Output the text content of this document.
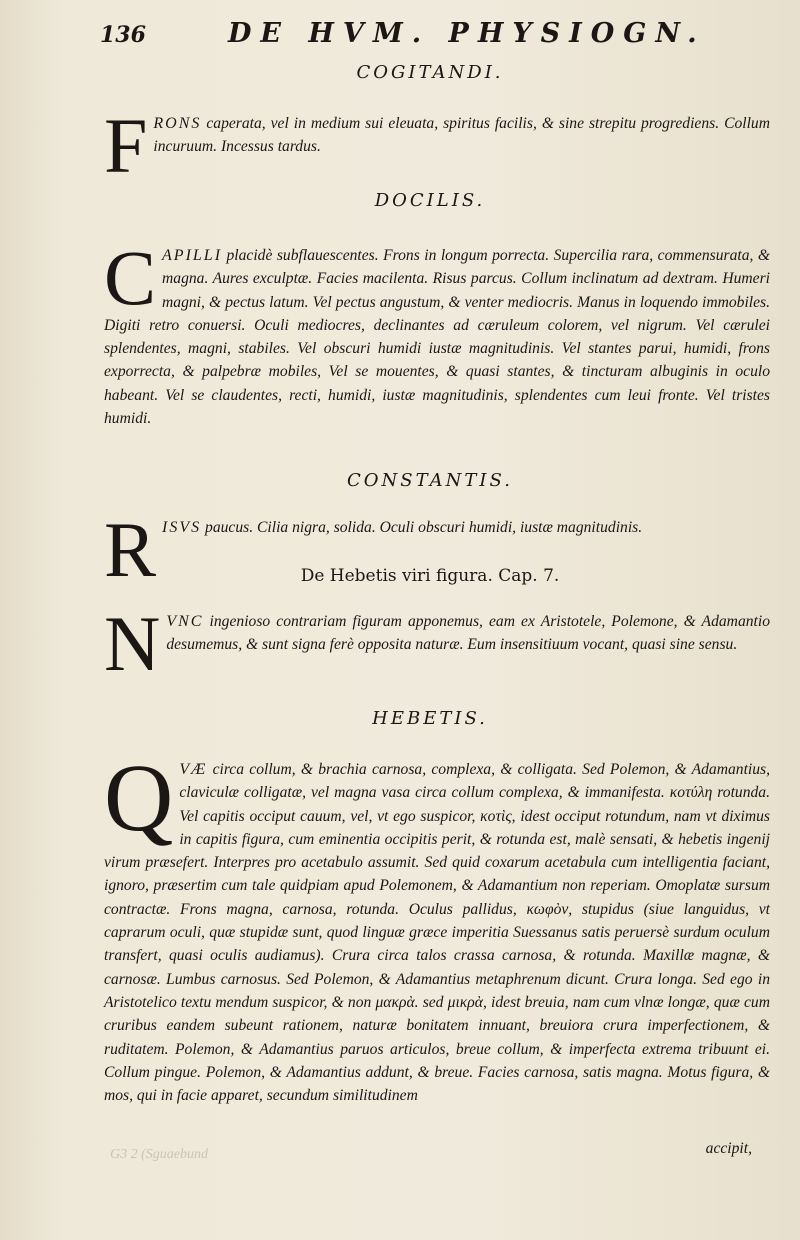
136	DE HVM. PHYSIOGN.
COGITANDI.

FRONS caperata, vel in medium sui eleuata, spiritus facilis, & sine strepitu progrediens. Collum incuruum. Incessus tardus.

DOCILIS.

CAPILLI placidè subflauescentes. Frons in longum porrecta. Supercilia rara, commensurata, & magna. Aures exculptæ. Facies macilenta. Risus parcus. Collum inclinatum ad dextram. Humeri magni, & pectus latum. Vel pectus angustum, & venter mediocris. Manus in loquendo immobiles. Digiti retro conuersi. Oculi mediocres, declinantes ad cæruleum colorem, vel nigrum. Vel cærulei splendentes, magni, stabiles. Vel obscuri humidi iustæ magnitudinis. Vel stantes parui, humidi, frons exporrecta, & palpebræ mobiles, Vel se mouentes, & quasi stantes, & tincturam albuginis in oculo habeant. Vel se claudentes, recti, humidi, iustæ magnitudinis, splendentes cum leui fronte. Vel tristes humidi.

CONSTANTIS.

RISVS paucus. Cilia nigra, solida. Oculi obscuri humidi, iustæ magnitudinis.

De Hebetis viri figura. Cap. 7.

NVNC ingenioso contrariam figuram apponemus, eam ex Aristotele, Polemone, & Adamantio desumemus, & sunt signa ferè opposita naturæ. Eum insensitiuum vocant, quasi sine sensu.

HEBETIS.

QVÆ circa collum, & brachia carnosa, complexa, & colligata. Sed Polemon, & Adamantius, claviculæ colligatæ, vel magna vasa circa collum complexa, & immanifesta. κοτύλη rotunda. Vel capitis occiput cauum, vel, vt ego suspicor, κοτὶς, idest occiput rotundum, nam vt diximus in capitis figura, cum eminentia occipitis perit, & rotunda est, malè sensati, & hebetis ingenij virum præsefert. Interpres pro acetabulo assumit. Sed quid coxarum acetabula cum intelligentia faciant, ignoro, præsertim cum tale quidpiam apud Polemonem, & Adamantium non reperiam. Omoplatæ sursum contractæ. Frons magna, carnosa, rotunda. Oculus pallidus, κωφὸν, stupidus (siue languidus, vt caprarum oculi, quæ stupidæ sunt, quod linguæ græce imperitia Suessanus satis peruersè surdum oculum transfert, quasi oculis audiamus). Crura circa talos crassa carnosa, & rotunda. Maxillæ magnæ, & carnosæ. Lumbus carnosus. Sed Polemon, & Adamantius metaphrenum dicunt. Crura longa. Sed ego in Aristotelico textu mendum suspicor, & non μακρὰ. sed μικρὰ, idest breuia, nam cum vlnæ longæ, quæ cum cruribus eandem subeunt rationem, naturæ bonitatem innuant, breuiora crura imperfectionem, & ruditatem. Polemon, & Adamantius paruos articulos, breue collum, & imperfecta extrema tribuunt ei. Collum pingue. Polemon, & Adamantius addunt, & breue. Facies carnosa, satis magna. Motus figura, & mos, qui in facie apparet, secundum similitudinem

accipit,
G3 2 (Sguaebund
